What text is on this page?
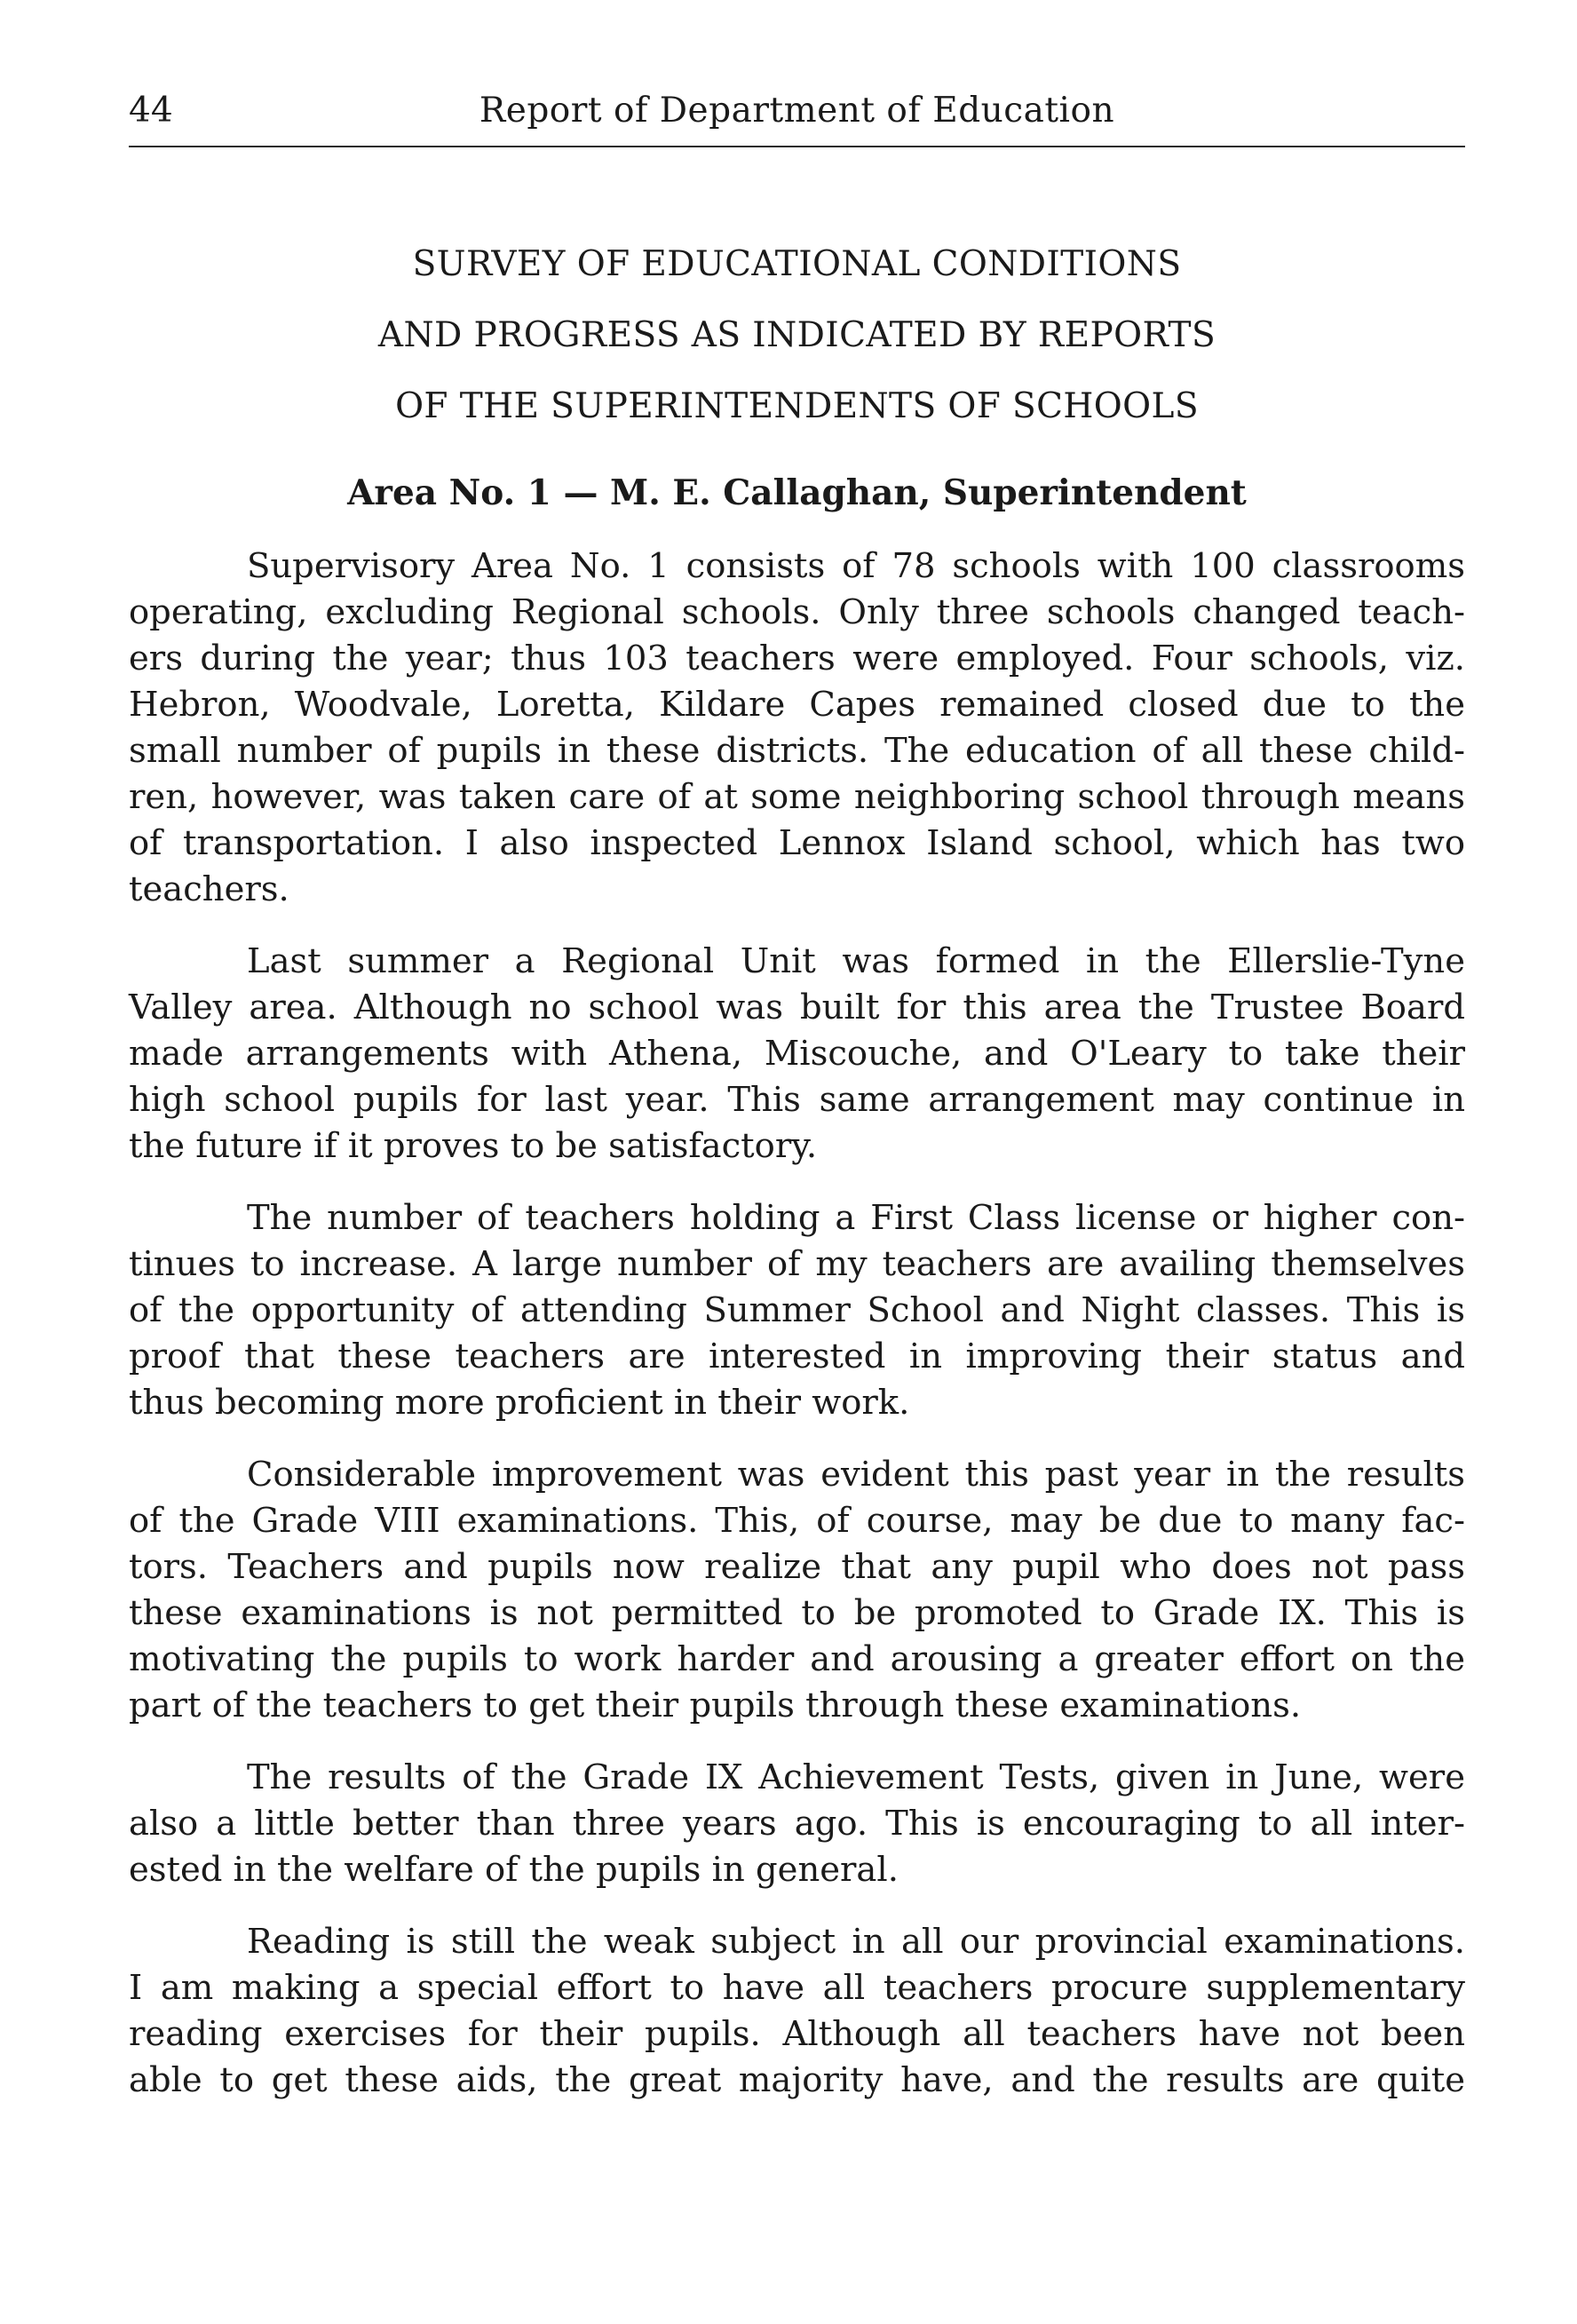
44	Report of Department of Education
SURVEY OF EDUCATIONAL CONDITIONS
AND PROGRESS AS INDICATED BY REPORTS
OF THE SUPERINTENDENTS OF SCHOOLS
Area No. 1 — M. E. Callaghan, Superintendent
Supervisory Area No. 1 consists of 78 schools with 100 classrooms
operating, excluding Regional schools. Only three schools changed teach-
ers during the year; thus 103 teachers were employed. Four schools, viz.
Hebron, Woodvale, Loretta, Kildare Capes remained closed due to the
small number of pupils in these districts. The education of all these child-
ren, however, was taken care of at some neighboring school through means
of transportation. I also inspected Lennox Island school, which has two
teachers.
Last summer a Regional Unit was formed in the Ellerslie-Tyne
Valley area. Although no school was built for this area the Trustee Board
made arrangements with Athena, Miscouche, and O'Leary to take their
high school pupils for last year. This same arrangement may continue in
the future if it proves to be satisfactory.
The number of teachers holding a First Class license or higher con-
tinues to increase. A large number of my teachers are availing themselves
of the opportunity of attending Summer School and Night classes. This is
proof that these teachers are interested in improving their status and
thus becoming more proficient in their work.
Considerable improvement was evident this past year in the results
of the Grade VIII examinations. This, of course, may be due to many fac-
tors. Teachers and pupils now realize that any pupil who does not pass
these examinations is not permitted to be promoted to Grade IX. This is
motivating the pupils to work harder and arousing a greater effort on the
part of the teachers to get their pupils through these examinations.
The results of the Grade IX Achievement Tests, given in June, were
also a little better than three years ago. This is encouraging to all inter-
ested in the welfare of the pupils in general.
Reading is still the weak subject in all our provincial examinations.
I am making a special effort to have all teachers procure supplementary
reading exercises for their pupils. Although all teachers have not been
able to get these aids, the great majority have, and the results are quite
